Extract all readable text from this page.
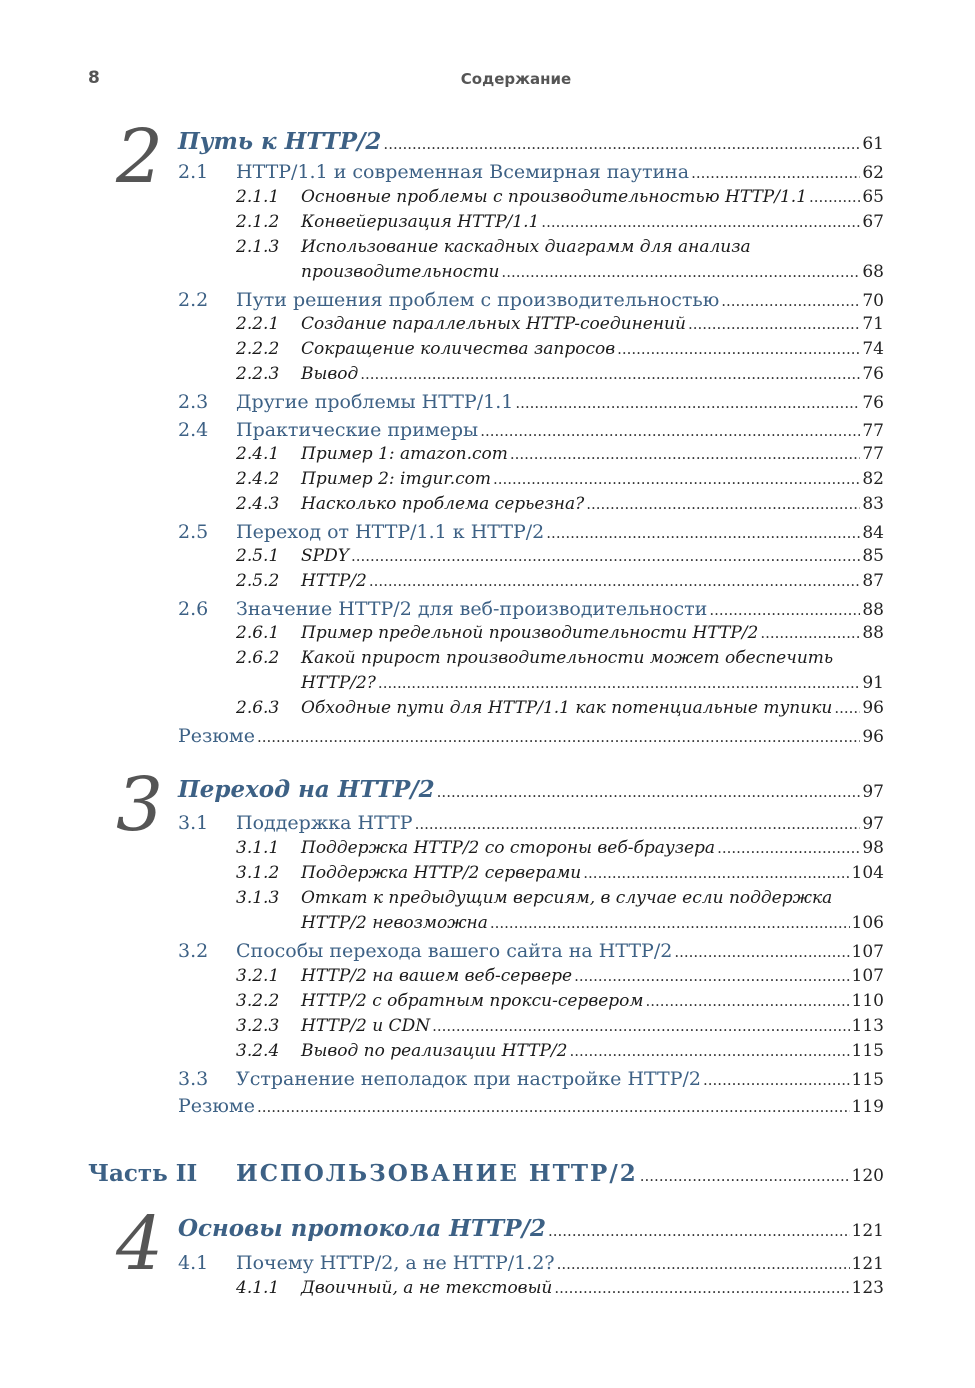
8	Содержание
2 Путь к HTTP/2 .....	61
2.1	HTTP/1.1 и современная Всемирная паутина .....	62
2.1.1	Основные проблемы с производительностью HTTP/1.1 .....	65
2.1.2	Конвейеризация HTTP/1.1 .....	67
2.1.3	Использование каскадных диаграмм для анализа
производительности .....	68
2.2	Пути решения проблем с производительностью .....	70
2.2.1	Создание параллельных HTTP-соединений .....	71
2.2.2	Сокращение количества запросов .....	74
2.2.3	Вывод .....	76
2.3	Другие проблемы HTTP/1.1 .....	76
2.4	Практические примеры .....	77
2.4.1	Пример 1: amazon.com .....	77
2.4.2	Пример 2: imgur.com .....	82
2.4.3	Насколько проблема серьезна? .....	83
2.5	Переход от HTTP/1.1 к HTTP/2 .....	84
2.5.1	SPDY .....	85
2.5.2	HTTP/2 .....	87
2.6	Значение HTTP/2 для веб-производительности .....	88
2.6.1	Пример предельной производительности HTTP/2 .....	88
2.6.2	Какой прирост производительности может обеспечить
HTTP/2? .....	91
2.6.3	Обходные пути для HTTP/1.1 как потенциальные тупики ..... 96
Резюме .....	96
3 Переход на HTTP/2 .....	97
3.1	Поддержка HTTP .....	97
3.1.1	Поддержка HTTP/2 со стороны веб-браузера .....	98
3.1.2	Поддержка HTTP/2 серверами .....	104
3.1.3	Откат к предыдущим версиям, в случае если поддержка
HTTP/2 невозможна .....	106
3.2	Способы перехода вашего сайта на HTTP/2 .....	107
3.2.1	HTTP/2 на вашем веб-сервере .....	107
3.2.2	HTTP/2 с обратным прокси-сервером .....	110
3.2.3	HTTP/2 и CDN .....	113
3.2.4	Вывод по реализации HTTP/2 .....	115
3.3	Устранение неполадок при настройке HTTP/2 .....	115
Резюме .....	119
Часть II	ИСПОЛЬЗОВАНИЕ HTTP/2 .....	120
4 Основы протокола HTTP/2 .....	121
4.1	Почему HTTP/2, а не HTTP/1.2? .....	121
4.1.1	Двоичный, а не текстовый .....	123
